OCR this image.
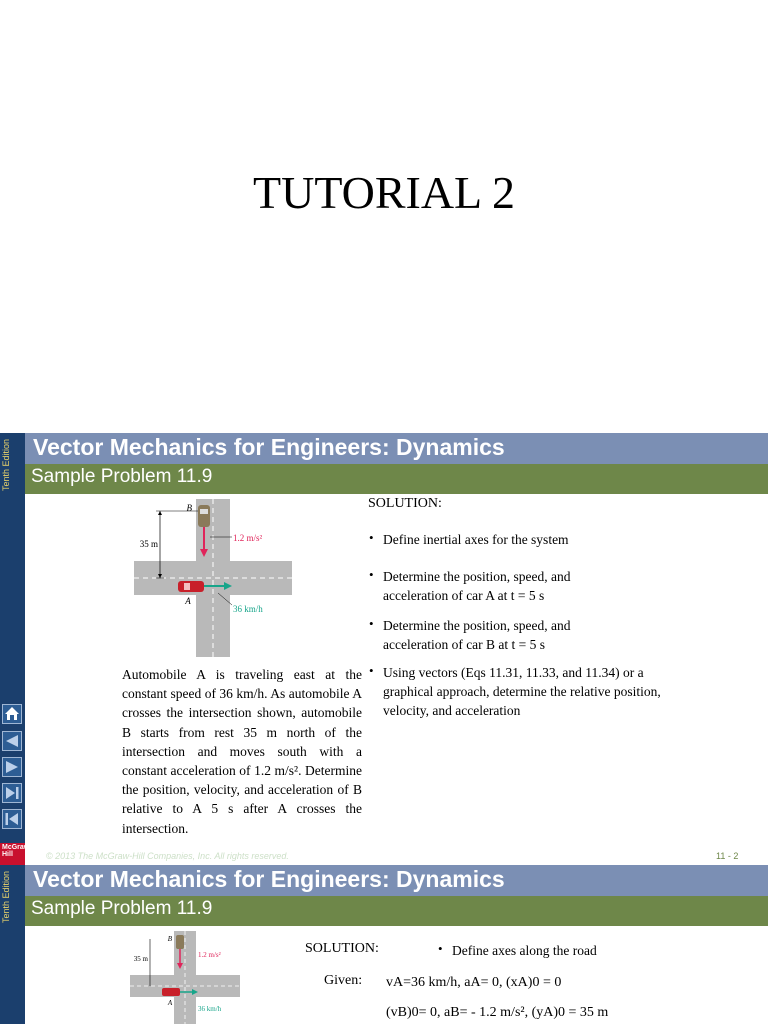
TUTORIAL 2
Tenth Edition
McGraw Hill
Vector Mechanics for Engineers: Dynamics
Sample Problem 11.9
35 m
B
A
1.2 m/s²
36 km/h
Automobile A is traveling east at the constant speed of 36 km/h. As automobile A crosses the intersection shown, automobile B starts from rest 35 m north of the intersection and moves south with a constant acceleration of 1.2 m/s². Determine the position, velocity, and acceleration of B relative to A 5 s after A crosses the intersection.
SOLUTION:
• Define inertial axes for the system
• Determine the position, speed, and acceleration of car A at t = 5 s
• Determine the position, speed, and acceleration of car B at t = 5 s
• Using vectors (Eqs 11.31, 11.33, and 11.34) or a graphical approach, determine the relative position, velocity, and acceleration
© 2013 The McGraw-Hill Companies, Inc. All rights reserved.	11 - 2
Tenth Edition Vector Mechanics for Engineers: Dynamics
Sample Problem 11.9
35 m
B
A
1.2 m/s²
36 km/h
SOLUTION:	• Define axes along the road
Given: vA=36 km/h, aA= 0, (xA)0 = 0
(vB)0= 0, aB= - 1.2 m/s², (yA)0 = 35 m
